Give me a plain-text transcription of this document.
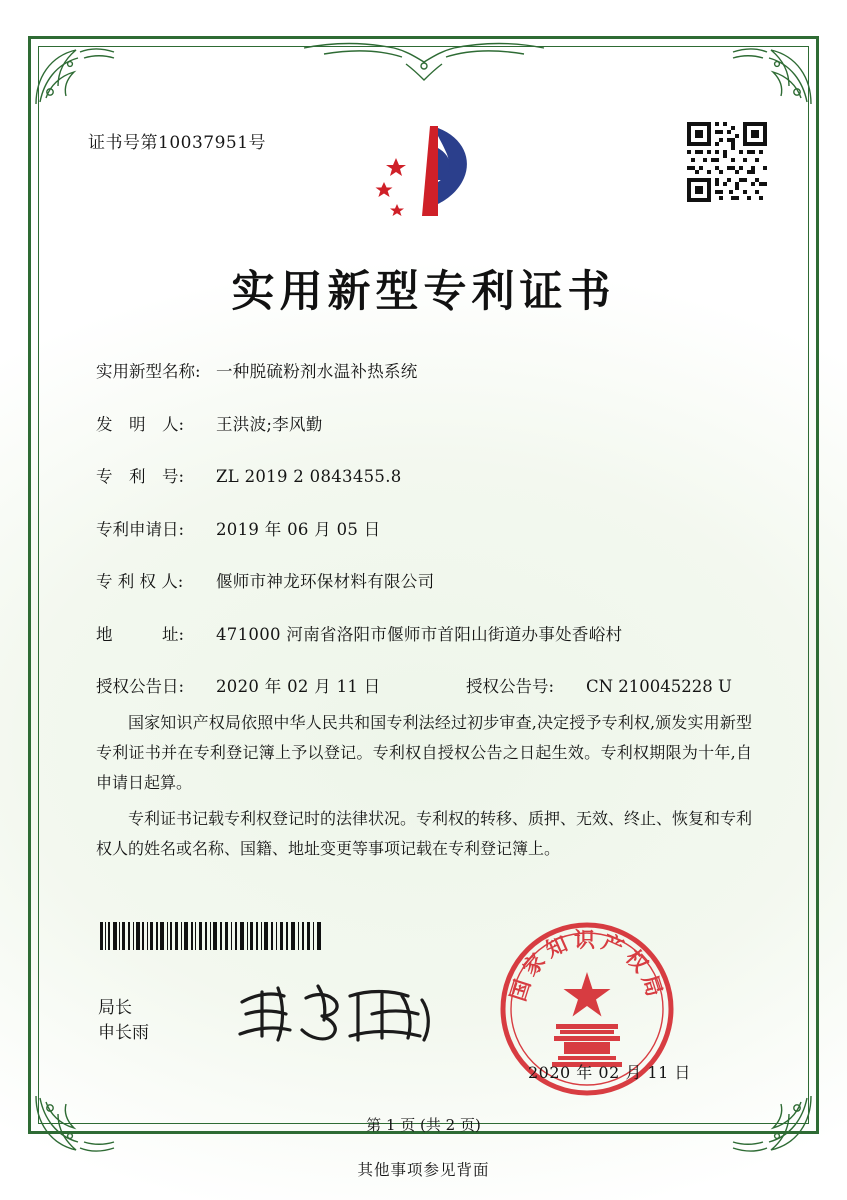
证书号第10037951号
实用新型专利证书
实用新型名称: 一种脱硫粉剂水温补热系统
发　明　人:	王洪波;李风勤
专　利　号:	ZL 2019 2 0843455.8
专利申请日:	2019 年 06 月 05 日
专 利 权 人:	偃师市神龙环保材料有限公司
地　　　址:	471000 河南省洛阳市偃师市首阳山街道办事处香峪村
授权公告日:	2020 年 02 月 11 日	授权公告号:	CN 210045228 U

国家知识产权局依照中华人民共和国专利法经过初步审查,决定授予专利权,颁发实用新型专利证书并在专利登记簿上予以登记。专利权自授权公告之日起生效。专利权期限为十年,自申请日起算。

专利证书记载专利权登记时的法律状况。专利权的转移、质押、无效、终止、恢复和专利权人的姓名或名称、国籍、地址变更等事项记载在专利登记簿上。

局长
申长雨
国家知识产权局
2020 年 02 月 11 日
第 1 页 (共 2 页)
其他事项参见背面
